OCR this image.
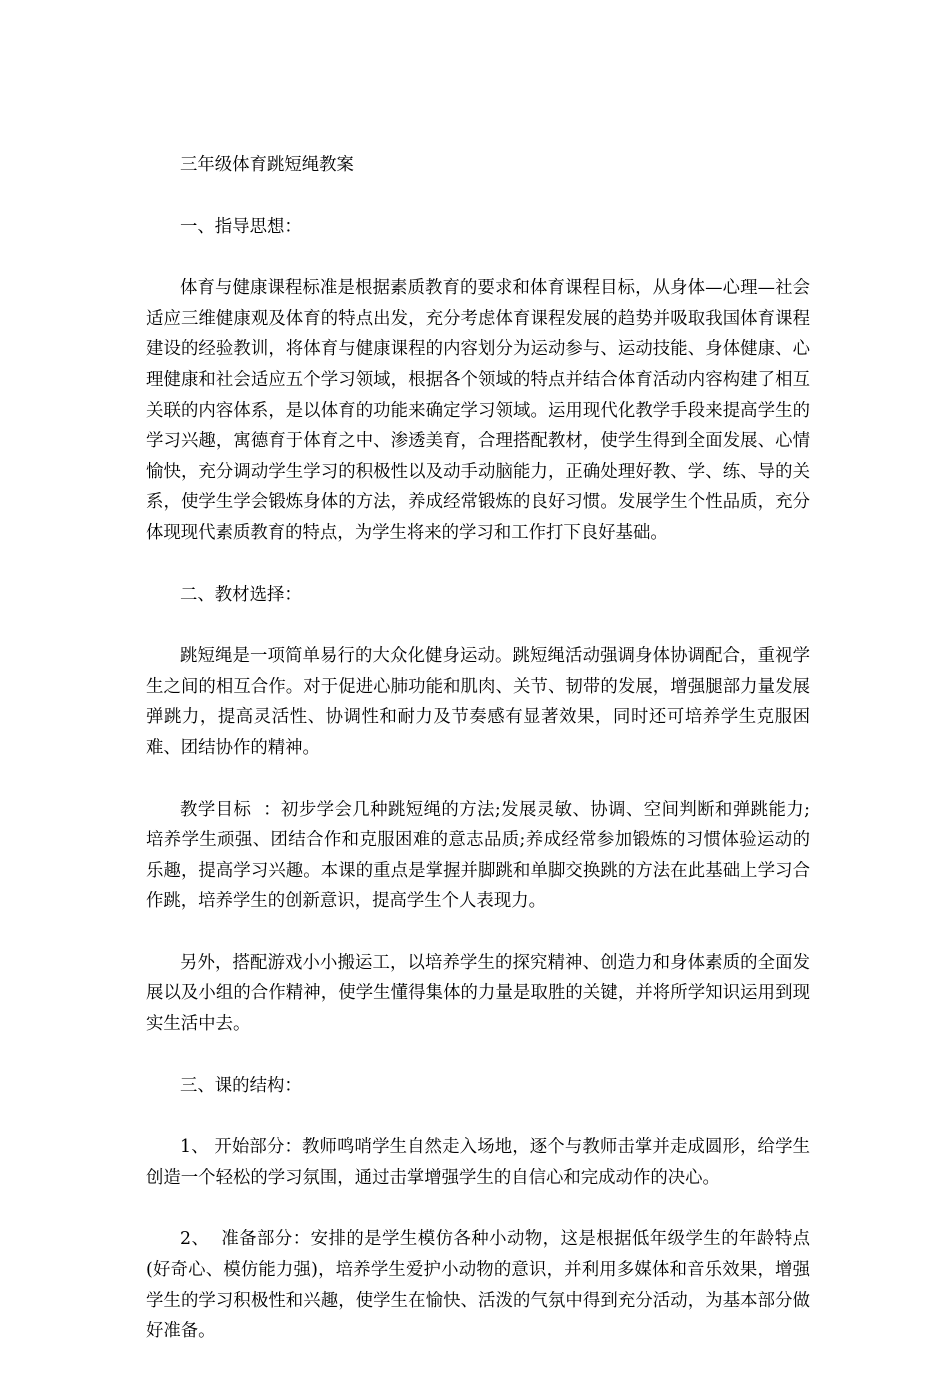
三年级体育跳短绳教案

一、指导思想：

体育与健康课程标准是根据素质教育的要求和体育课程目标，从身体—心理—社会适应三维健康观及体育的特点出发，充分考虑体育课程发展的趋势并吸取我国体育课程建设的经验教训，将体育与健康课程的内容划分为运动参与、运动技能、身体健康、心理健康和社会适应五个学习领域，根据各个领域的特点并结合体育活动内容构建了相互关联的内容体系，是以体育的功能来确定学习领域。运用现代化教学手段来提高学生的学习兴趣，寓德育于体育之中、渗透美育，合理搭配教材，使学生得到全面发展、心情愉快，充分调动学生学习的积极性以及动手动脑能力，正确处理好教、学、练、导的关系，使学生学会锻炼身体的方法，养成经常锻炼的良好习惯。发展学生个性品质，充分体现现代素质教育的特点，为学生将来的学习和工作打下良好基础。

二、教材选择：

跳短绳是一项简单易行的大众化健身运动。跳短绳活动强调身体协调配合，重视学生之间的相互合作。对于促进心肺功能和肌肉、关节、韧带的发展，增强腿部力量发展弹跳力，提高灵活性、协调性和耐力及节奏感有显著效果，同时还可培养学生克服困难、团结协作的精神。

教学目标  ：初步学会几种跳短绳的方法;发展灵敏、协调、空间判断和弹跳能力;培养学生顽强、团结合作和克服困难的意志品质;养成经常参加锻炼的习惯体验运动的乐趣，提高学习兴趣。本课的重点是掌握并脚跳和单脚交换跳的方法在此基础上学习合作跳，培养学生的创新意识，提高学生个人表现力。

另外，搭配游戏小小搬运工，以培养学生的探究精神、创造力和身体素质的全面发展以及小组的合作精神，使学生懂得集体的力量是取胜的关键，并将所学知识运用到现实生活中去。

三、课的结构：

1、 开始部分：教师鸣哨学生自然走入场地，逐个与教师击掌并走成圆形，给学生创造一个轻松的学习氛围，通过击掌增强学生的自信心和完成动作的决心。

2、  准备部分：安排的是学生模仿各种小动物，这是根据低年级学生的年龄特点(好奇心、模仿能力强)，培养学生爱护小动物的意识，并利用多媒体和音乐效果，增强学生的学习积极性和兴趣，使学生在愉快、活泼的气氛中得到充分活动，为基本部分做好准备。
